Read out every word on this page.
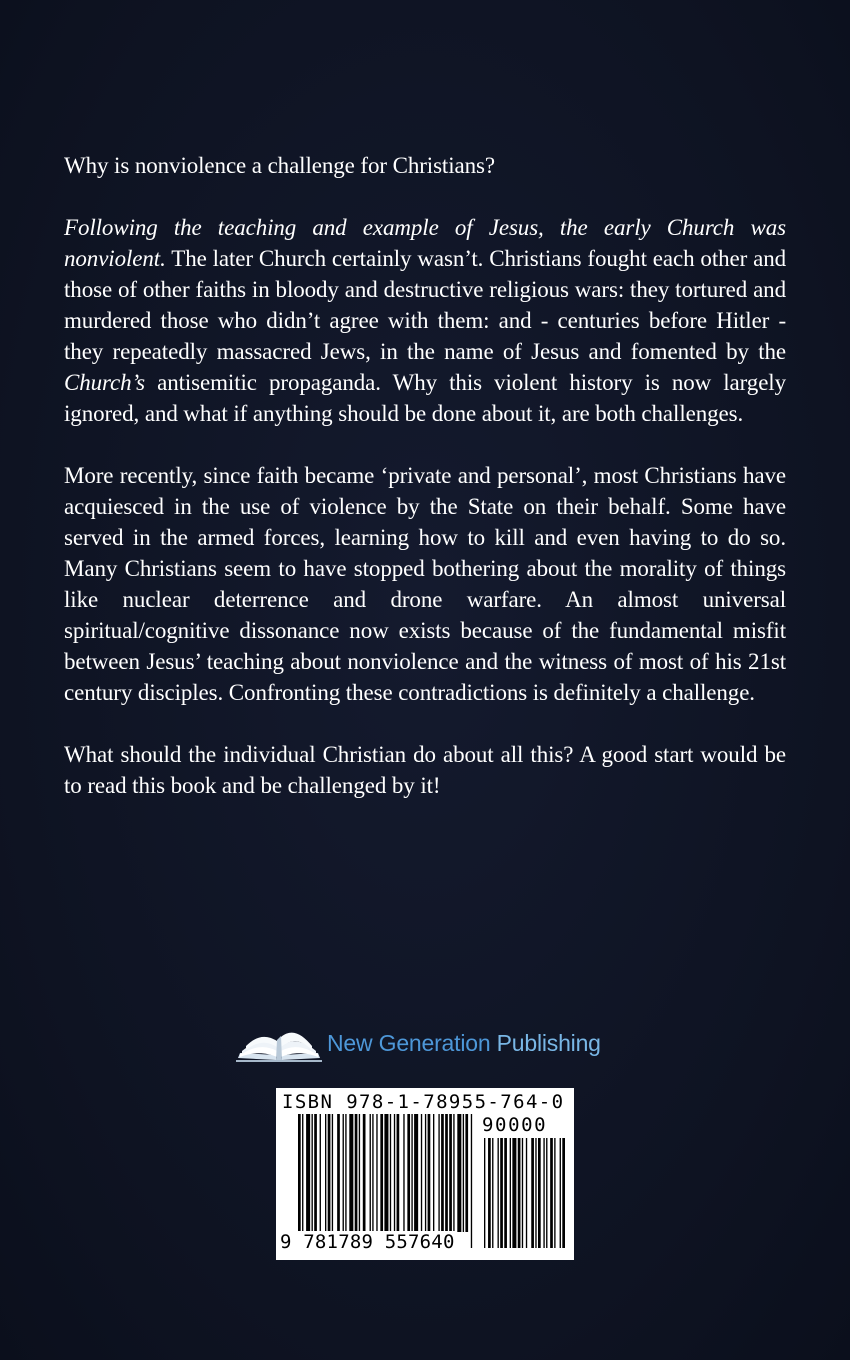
Why is nonviolence a challenge for Christians?

Following the teaching and example of Jesus, the early Church was nonviolent. The later Church certainly wasn’t. Christians fought each other and those of other faiths in bloody and destructive religious wars: they tortured and murdered those who didn’t agree with them: and - centuries before Hitler - they repeatedly massacred Jews, in the name of Jesus and fomented by the Church’s antisemitic propaganda. Why this violent history is now largely ignored, and what if anything should be done about it, are both challenges.

More recently, since faith became ‘private and personal’, most Christians have acquiesced in the use of violence by the State on their behalf. Some have served in the armed forces, learning how to kill and even having to do so. Many Christians seem to have stopped bothering about the morality of things like nuclear deterrence and drone warfare. An almost universal spiritual/cognitive dissonance now exists because of the fundamental misfit between Jesus’ teaching about nonviolence and the witness of most of his 21st century disciples. Confronting these contradictions is definitely a challenge.

What should the individual Christian do about all this? A good start would be to read this book and be challenged by it!

New Generation Publishing
ISBN 978-1-78955-764-0
90000
9 781789 557640
